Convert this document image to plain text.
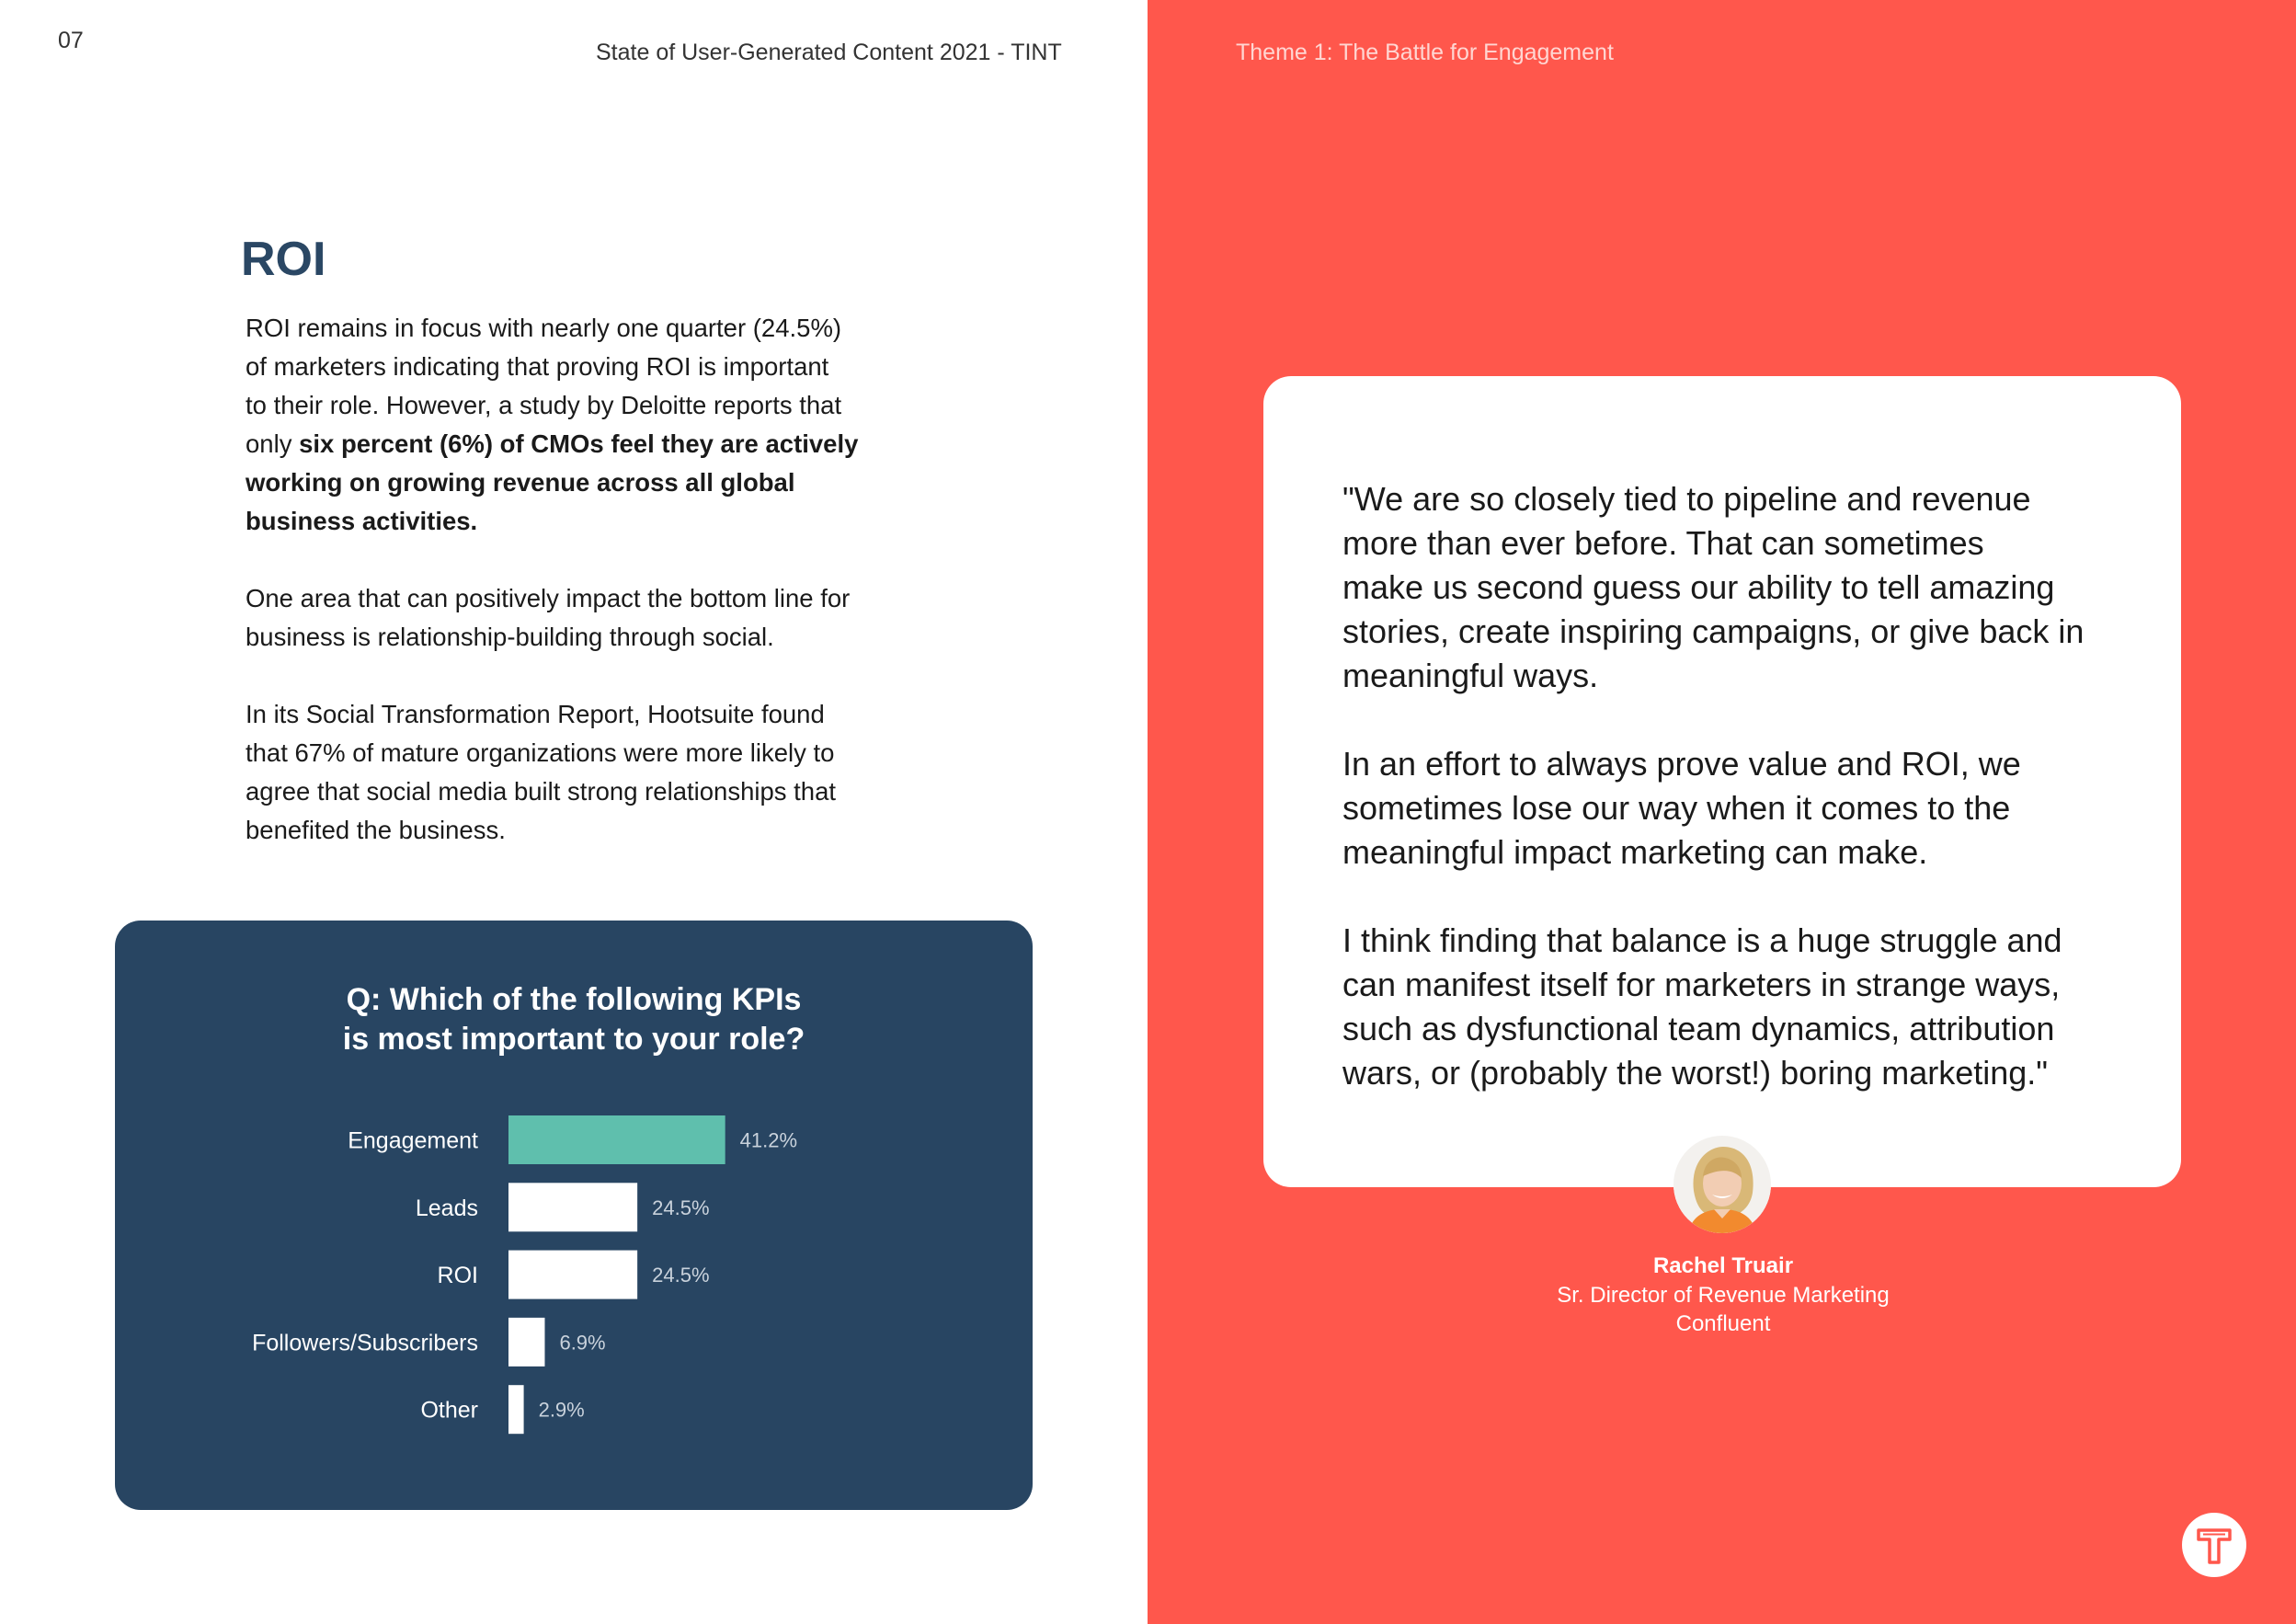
07	State of User-Generated Content 2021 - TINT
ROI

ROI remains in focus with nearly one quarter (24.5%)
of marketers indicating that proving ROI is important
to their role. However, a study by Deloitte reports that
only six percent (6%) of CMOs feel they are actively
working on growing revenue across all global
business activities.

One area that can positively impact the bottom line for
business is relationship-building through social.

In its Social Transformation Report, Hootsuite found
that 67% of mature organizations were more likely to
agree that social media built strong relationships that
benefited the business.

Q: Which of the following KPIs
is most important to your role?
Engagement	41.2%
Leads	24.5%
ROI	24.5%
Followers/Subscribers	6.9%
Other	2.9%
Theme 1: The Battle for Engagement

"We are so closely tied to pipeline and revenue
more than ever before. That can sometimes
make us second guess our ability to tell amazing
stories, create inspiring campaigns, or give back in
meaningful ways.

In an effort to always prove value and ROI, we
sometimes lose our way when it comes to the
meaningful impact marketing can make.

I think finding that balance is a huge struggle and
can manifest itself for marketers in strange ways,
such as dysfunctional team dynamics, attribution
wars, or (probably the worst!) boring marketing."

Rachel Truair
Sr. Director of Revenue Marketing
Confluent
